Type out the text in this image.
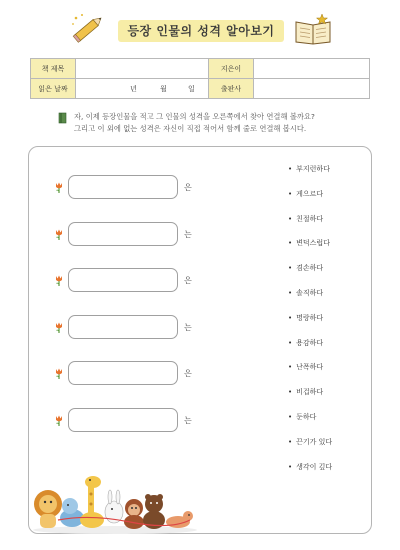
등장 인물의 성격 알아보기
책 제목		지은이	
읽은 날짜	년 월 일	출판사	
자, 이제 등장인물을 적고 그 인물의 성격을 오른쪽에서 찾아 연결해 볼까요?
그리고 이 외에 없는 성격은 자신이 직접 적어서 함께 줄로 연결해 봅시다.
은
는
은
는
은
는
• 부지런하다
• 게으르다
• 친절하다
• 변덕스럽다
• 겸손하다
• 솔직하다
• 명랑하다
• 용감하다
• 난폭하다
• 비겁하다
• 둔하다
• 끈기가 있다
• 생각이 깊다
